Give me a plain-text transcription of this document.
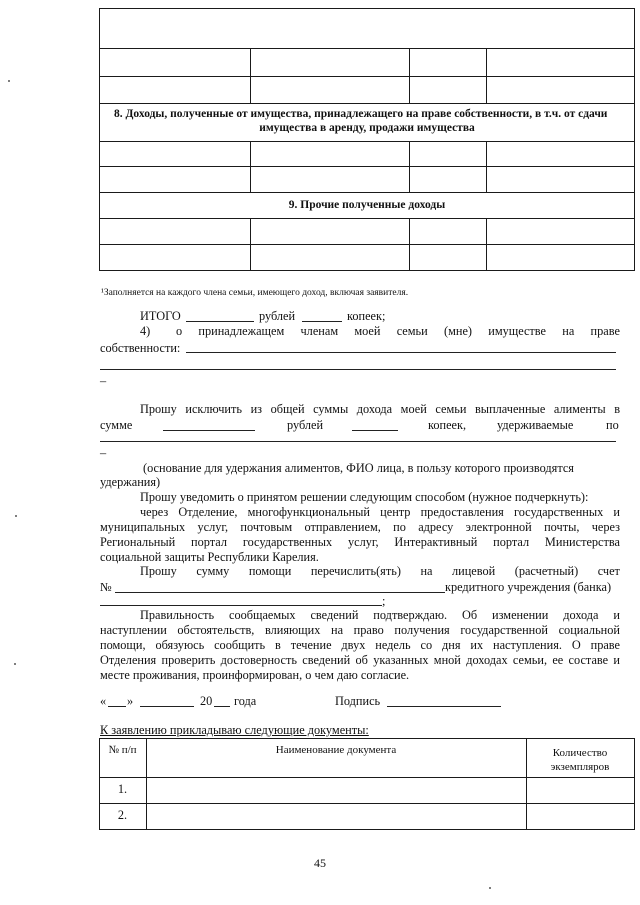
8. Доходы, полученные от имущества, принадлежащего на праве собственности, в т.ч. от сдачи
имущества в аренду, продажи имущества
9. Прочие полученные доходы
¹Заполняется на каждого члена семьи, имеющего доход, включая заявителя.
ИТОГО	рублей	копеек;
4) о принадлежащем членам моей семьи (мне) имуществе на праве
собственности:
–
Прошу исключить из общей суммы дохода моей семьи выплаченные алименты в
сумме	рублей	копеек,	удерживаемые	по
–
(основание для удержания алиментов, ФИО лица, в пользу которого производятся
удержания)
Прошу уведомить о принятом решении следующим способом (нужное подчеркнуть):
через Отделение, многофункциональный центр предоставления государственных и
муниципальных услуг, почтовым отправлением, по адресу электронной почты, через
Региональный портал государственных услуг, Интерактивный портал Министерства
социальной защиты Республики Карелия.
Прошу сумму помощи перечислить(ять) на лицевой (расчетный) счет
№	кредитного учреждения (банка)
;
Правильность сообщаемых сведений подтверждаю. Об изменении дохода и
наступлении обстоятельств, влияющих на право получения государственной социальной
помощи, обязуюсь сообщить в течение двух недель со дня их наступления. О праве
Отделения проверить достоверность сведений об указанных мной доходах семьи, ее составе и
месте проживания, проинформирован, о чем даю согласие.
« »	20 года	Подпись
К заявлению прикладываю следующие документы:
№ п/п	Наименование документа	Количество
экземпляров
1.
2.
45
